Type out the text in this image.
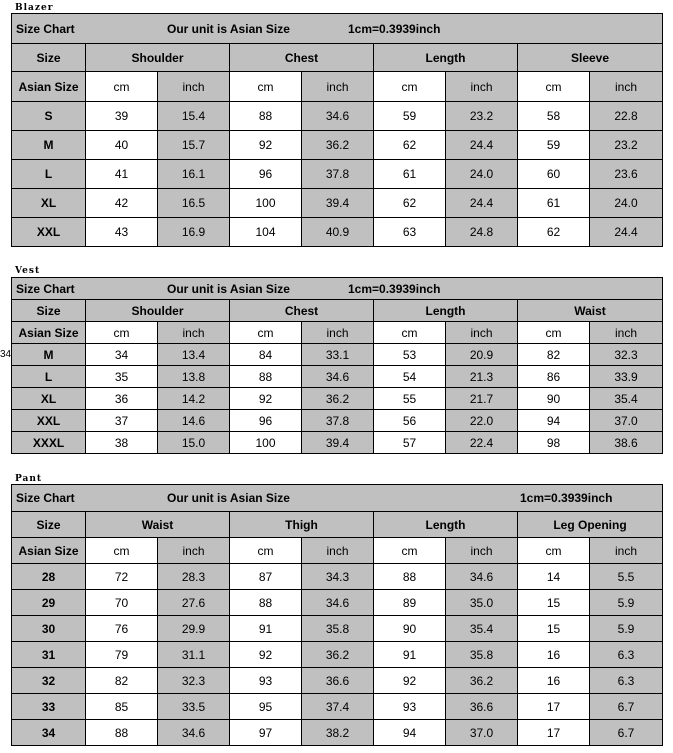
Blazer
Size Chart Our unit is Asian Size 1cm=0.3939inch								

Size	Shoulder		Chest		Length		Sleeve	
Asian Size	cm	inch	cm	inch	cm	inch	cm	inch
S	39	15.4	88	34.6	59	23.2	58	22.8
M	40	15.7	92	36.2	62	24.4	59	23.2
L	41	16.1	96	37.8	61	24.0	60	23.6
XL	42	16.5	100	39.4	62	24.4	61	24.0
XXL	43	16.9	104	40.9	63	24.8	62	24.4
Vest
34
Size Chart Our unit is Asian Size 1cm=0.3939inch								

Size	Shoulder		Chest		Length		Waist	
Asian Size	cm	inch	cm	inch	cm	inch	cm	inch
M	34	13.4	84	33.1	53	20.9	82	32.3
L	35	13.8	88	34.6	54	21.3	86	33.9
XL	36	14.2	92	36.2	55	21.7	90	35.4
XXL	37	14.6	96	37.8	56	22.0	94	37.0
XXXL	38	15.0	100	39.4	57	22.4	98	38.6
Pant
Size Chart Our unit is Asian Size 1cm=0.3939inch								

Size	Waist		Thigh		Length		Leg Opening	
Asian Size	cm	inch	cm	inch	cm	inch	cm	inch
28	72	28.3	87	34.3	88	34.6	14	5.5
29	70	27.6	88	34.6	89	35.0	15	5.9
30	76	29.9	91	35.8	90	35.4	15	5.9
31	79	31.1	92	36.2	91	35.8	16	6.3
32	82	32.3	93	36.6	92	36.2	16	6.3
33	85	33.5	95	37.4	93	36.6	17	6.7
34	88	34.6	97	38.2	94	37.0	17	6.7
